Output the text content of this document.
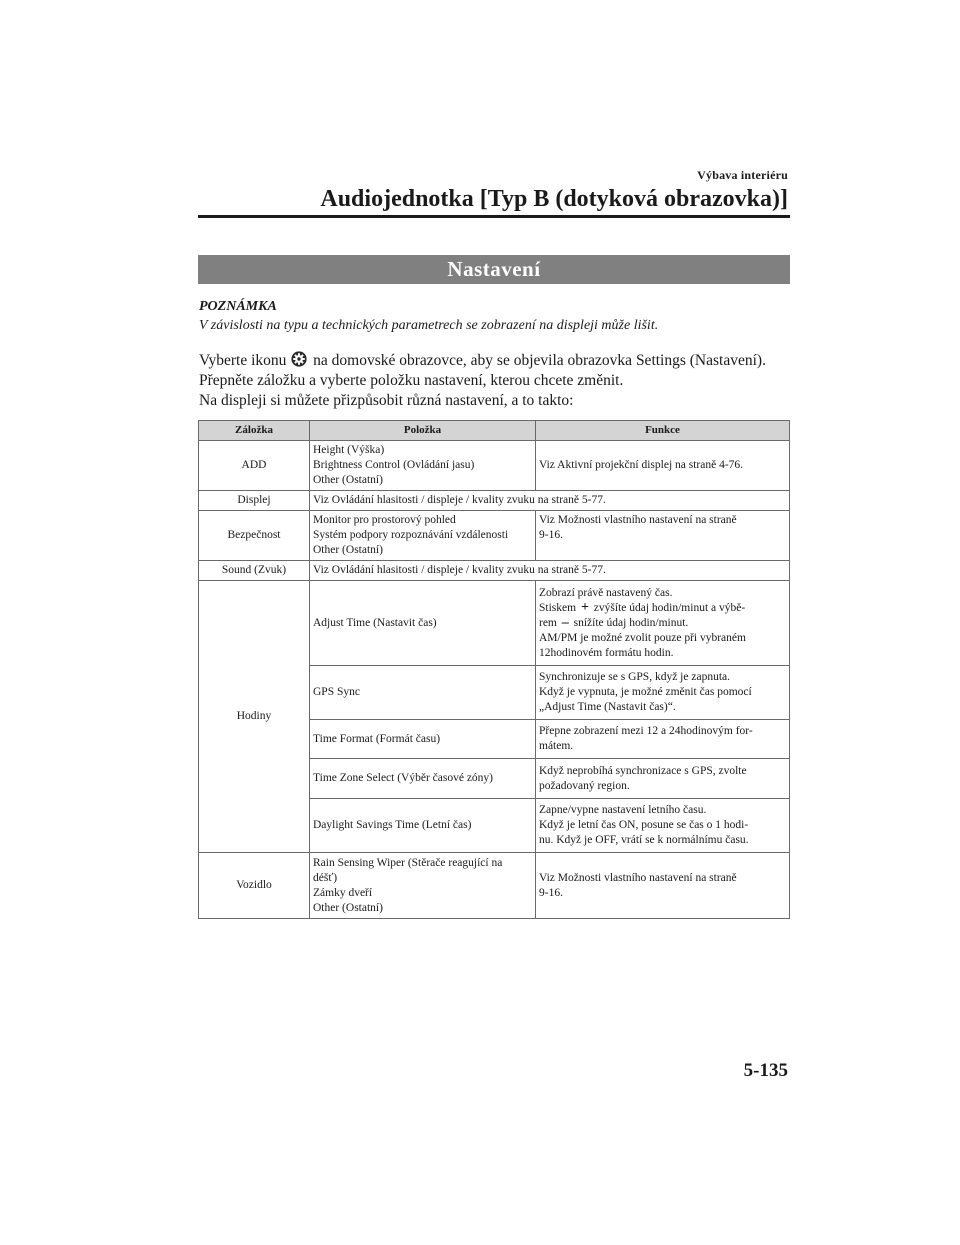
Výbava interiéru
Audiojednotka [Typ B (dotyková obrazovka)]
Nastavení
POZNÁMKA
V závislosti na typu a technických parametrech se zobrazení na displeji může lišit.
Vyberte ikonu na domovské obrazovce, aby se objevila obrazovka Settings (Nastavení).
Přepněte záložku a vyberte položku nastavení, kterou chcete změnit.
Na displeji si můžete přizpůsobit různá nastavení, a to takto:
Záložka	Položka	Funkce
ADD	Height (Výška)
Brightness Control (Ovládání jasu)
Other (Ostatní)	Viz Aktivní projekční displej na straně 4-76.
Displej	Viz Ovládání hlasitosti / displeje / kvality zvuku na straně 5-77.	
Bezpečnost	Monitor pro prostorový pohled
Systém podpory rozpoznávání vzdálenosti
Other (Ostatní)	Viz Možnosti vlastního nastavení na straně
9-16.

Sound (Zvuk)	Viz Ovládání hlasitosti / displeje / kvality zvuku na straně 5-77.	
Hodiny	Adjust Time (Nastavit čas)	Zobrazí právě nastavený čas.
Stiskem + zvýšíte údaj hodin/minut a výbě-
rem – snížíte údaj hodin/minut.
AM/PM je možné zvolit pouze při vybraném
12hodinovém formátu hodin.

	GPS Sync	Synchronizuje se s GPS, když je zapnuta.
Když je vypnuta, je možné změnit čas pomocí
„Adjust Time (Nastavit čas)“.

	Time Format (Formát času)	Přepne zobrazení mezi 12 a 24hodinovým for-
mátem.

	Time Zone Select (Výběr časové zóny)	Když neprobíhá synchronizace s GPS, zvolte
požadovaný region.

	Daylight Savings Time (Letní čas)	Zapne/vypne nastavení letního času.
Když je letní čas ON, posune se čas o 1 hodi-
nu. Když je OFF, vrátí se k normálnímu času.

Vozidlo	Rain Sensing Wiper (Stěrače reagující na
déšť)
Zámky dveří
Other (Ostatní)	Viz Možnosti vlastního nastavení na straně
9-16.
5-135
